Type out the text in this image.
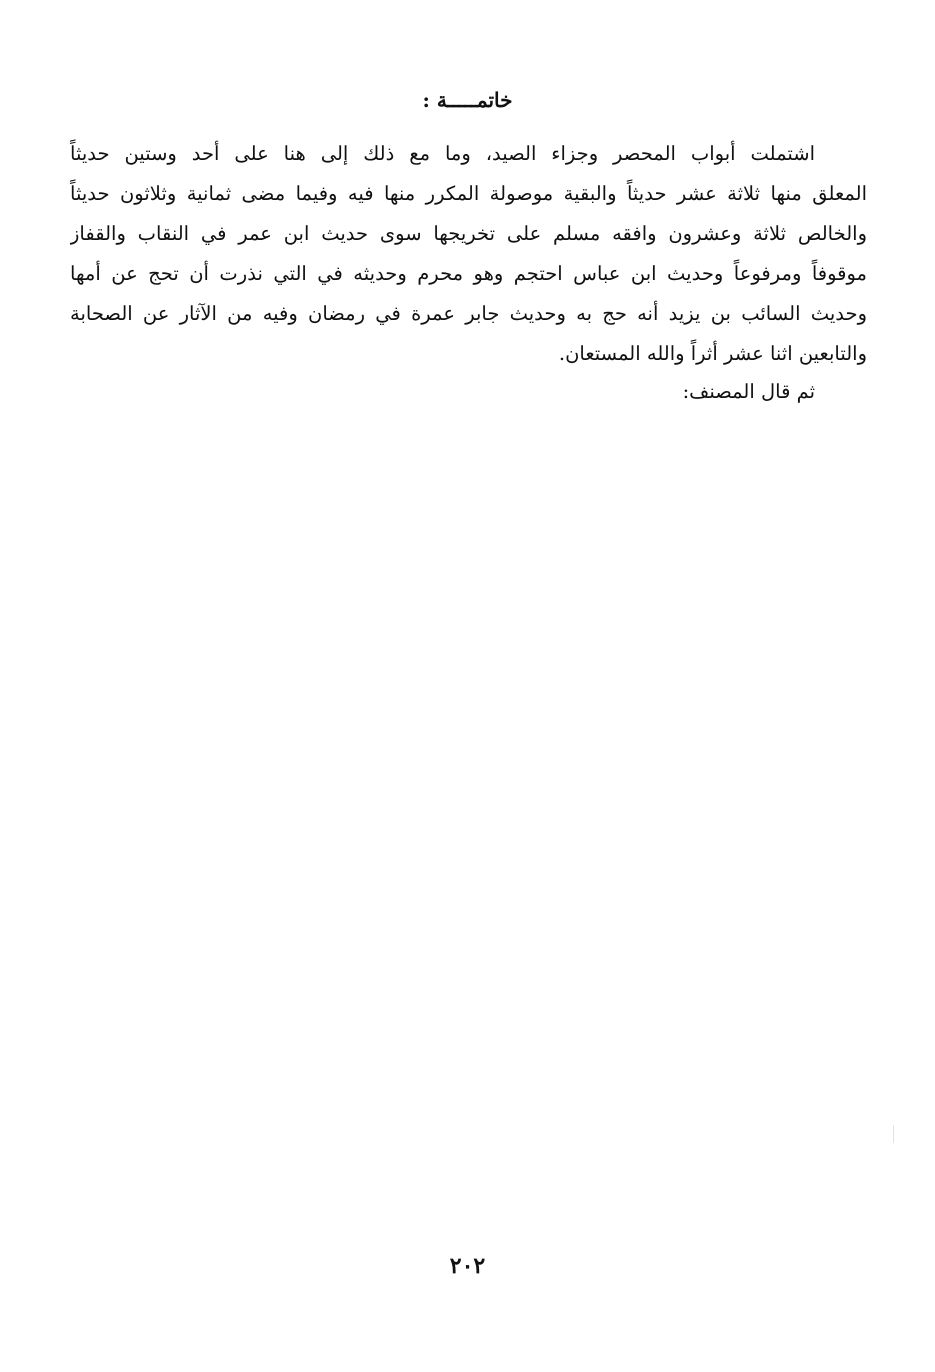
خاتمـــــة :
اشتملت أبواب المحصر وجزاء الصيد، وما مع ذلك إلى هنا على أحد وستين حديثاً
المعلق منها ثلاثة عشر حديثاً والبقية موصولة المكرر منها فيه وفيما مضى ثمانية وثلاثون حديثاً
والخالص ثلاثة وعشرون وافقه مسلم على تخريجها سوى حديث ابن عمر في النقاب والقفاز
موقوفاً ومرفوعاً وحديث ابن عباس احتجم وهو محرم وحديثه في التي نذرت أن تحج عن أمها
وحديث السائب بن يزيد أنه حج به وحديث جابر عمرة في رمضان وفيه من الآثار عن الصحابة
والتابعين اثنا عشر أثراً والله المستعان.
ثم قال المصنف:
٢٠٢
